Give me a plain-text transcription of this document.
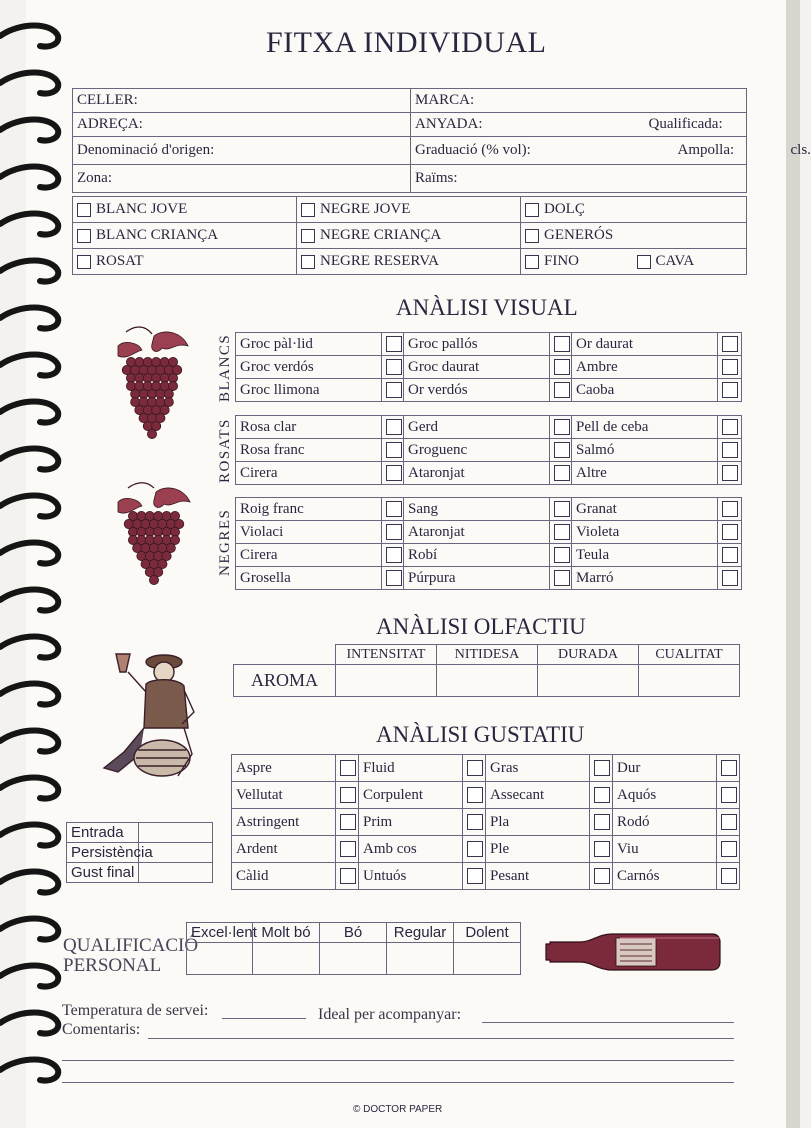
FITXA INDIVIDUAL
CELLER:	MARCA:
ADREÇA:	ANYADA: Qualificada:

Denominació d'origen:	Graduació (% vol): Ampolla: cls.

Zona:	Raïms:
BLANC JOVE	NEGRE JOVE	DOLÇ
BLANC CRIANÇA	NEGRE CRIANÇA	GENERÓS
ROSAT	NEGRE RESERVA	FINO CAVA
ANÀLISI VISUAL
BLANCS Groc pàl·lid		Groc pallós		Or daurat	
Groc verdós		Groc daurat		Ambre	
Groc llimona		Or verdós		Caoba	
ROSATS Rosa clar		Gerd		Pell de ceba	
Rosa franc		Groguenc		Salmó	
Cirera		Ataronjat		Altre	
NEGRES Roig franc		Sang		Granat	
Violaci		Ataronjat		Violeta	
Cirera		Robí		Teula	
Grosella		Púrpura		Marró	
ANÀLISI OLFACTIU
	INTENSITAT	NITIDESA	DURADA	CUALITAT
AROMA				
ANÀLISI GUSTATIU
Aspre		Fluid		Gras		Dur	
Vellutat		Corpulent		Assecant		Aquós	
Astringent		Prim		Pla		Rodó	
Ardent		Amb cos		Ple		Viu	
Càlid		Untuós		Pesant		Carnós	
Entrada	
Persistència	
Gust final	
QUALIFICACIÓ
PERSONAL
Excel·lent	Molt bó	Bó	Regular	Dolent

Temperatura de servei:	Ideal per acompanyar:
Comentaris:
© DOCTOR PAPER
